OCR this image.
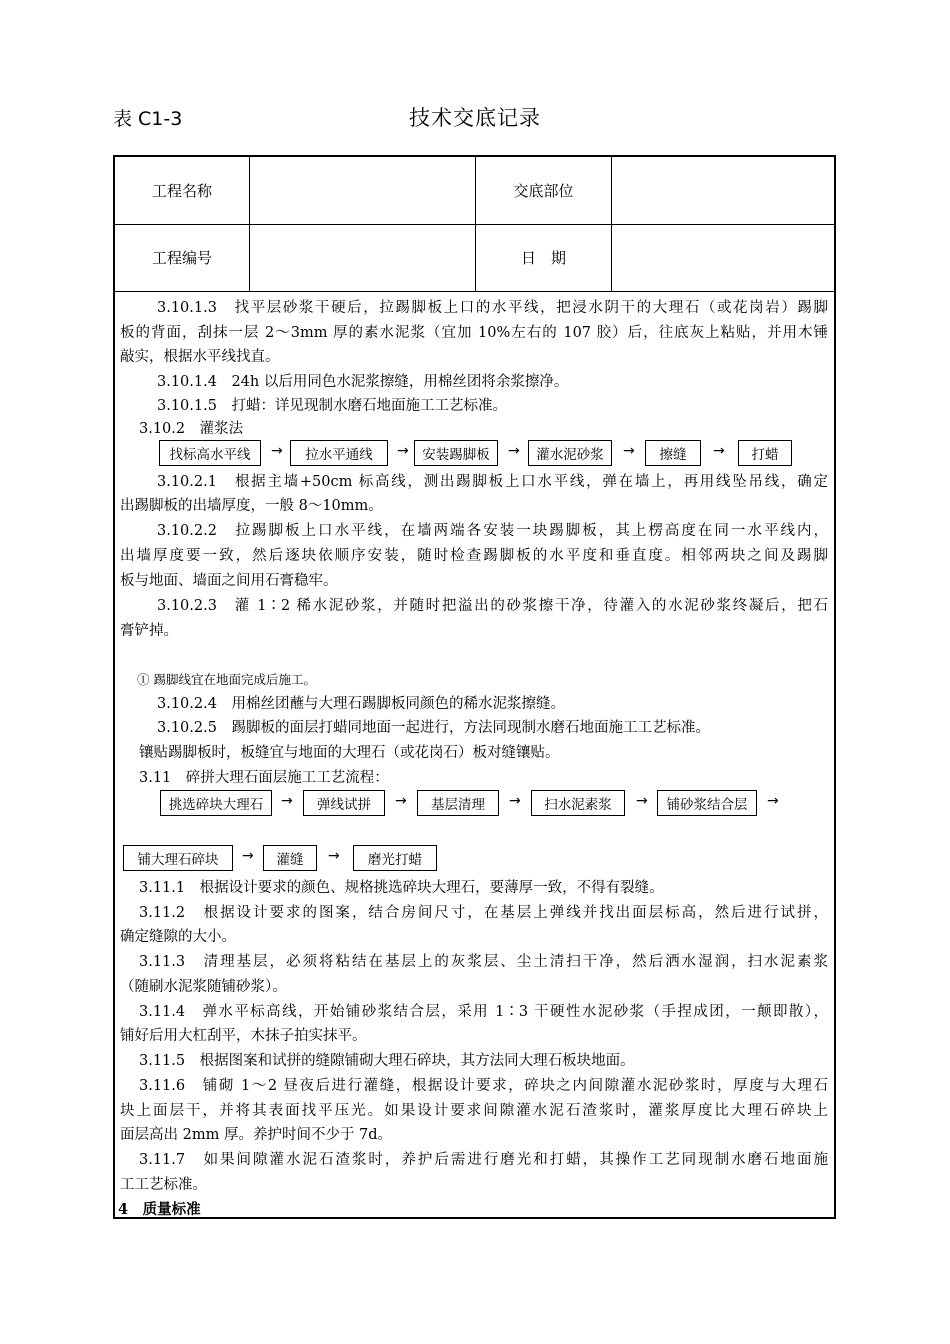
表 C1-3	技术交底记录
工程名称	交底部位
工程编号	日　期
3.10.1.3　找平层砂浆干硬后，拉踢脚板上口的水平线，把浸水阴干的大理石（或花岗岩）踢脚
板的背面，刮抹一层 2～3mm 厚的素水泥浆（宜加 10%左右的 107 胶）后，往底灰上粘贴，并用木锤
敲实，根据水平线找直。
3.10.1.4　24h 以后用同色水泥浆擦缝，用棉丝团将余浆擦净。
3.10.1.5　打蜡：详见现制水磨石地面施工工艺标准。
3.10.2　灌浆法
找标高水平线	→	拉水平通线	→	安装踢脚板	→	灌水泥砂浆	→	擦缝	→	打蜡
3.10.2.1　根据主墙+50cm 标高线，测出踢脚板上口水平线，弹在墙上，再用线坠吊线，确定
出踢脚板的出墙厚度，一般 8～10mm。
3.10.2.2　拉踢脚板上口水平线，在墙两端各安装一块踢脚板，其上楞高度在同一水平线内，
出墙厚度要一致，然后逐块依顺序安装，随时检查踢脚板的水平度和垂直度。相邻两块之间及踢脚
板与地面、墙面之间用石膏稳牢。
3.10.2.3　灌 1∶2 稀水泥砂浆，并随时把溢出的砂浆擦干净，待灌入的水泥砂浆终凝后，把石
膏铲掉。
① 踢脚线宜在地面完成后施工。
3.10.2.4　用棉丝团蘸与大理石踢脚板同颜色的稀水泥浆擦缝。
3.10.2.5　踢脚板的面层打蜡同地面一起进行，方法同现制水磨石地面施工工艺标准。
镶贴踢脚板时，板缝宜与地面的大理石（或花岗石）板对缝镶贴。
3.11　碎拼大理石面层施工工艺流程：
挑选碎块大理石	→	弹线试拼	→	基层清理	→	扫水泥素浆	→	铺砂浆结合层	→
铺大理石碎块	→	灌缝	→	磨光打蜡
3.11.1　根据设计要求的颜色、规格挑选碎块大理石，要薄厚一致，不得有裂缝。
3.11.2　根据设计要求的图案，结合房间尺寸，在基层上弹线并找出面层标高，然后进行试拼，
确定缝隙的大小。
3.11.3　清理基层，必须将粘结在基层上的灰浆层、尘土清扫干净，然后洒水湿润，扫水泥素浆
（随刷水泥浆随铺砂浆）。
3.11.4　弹水平标高线，开始铺砂浆结合层，采用 1∶3 干硬性水泥砂浆（手捏成团，一颠即散），
铺好后用大杠刮平，木抹子拍实抹平。
3.11.5　根据图案和试拼的缝隙铺砌大理石碎块，其方法同大理石板块地面。
3.11.6　铺砌 1～2 昼夜后进行灌缝，根据设计要求，碎块之内间隙灌水泥砂浆时，厚度与大理石
块上面层干，并将其表面找平压光。如果设计要求间隙灌水泥石渣浆时，灌浆厚度比大理石碎块上
面层高出 2mm 厚。养护时间不少于 7d。
3.11.7　如果间隙灌水泥石渣浆时，养护后需进行磨光和打蜡，其操作工艺同现制水磨石地面施
工工艺标准。
4　质量标准
